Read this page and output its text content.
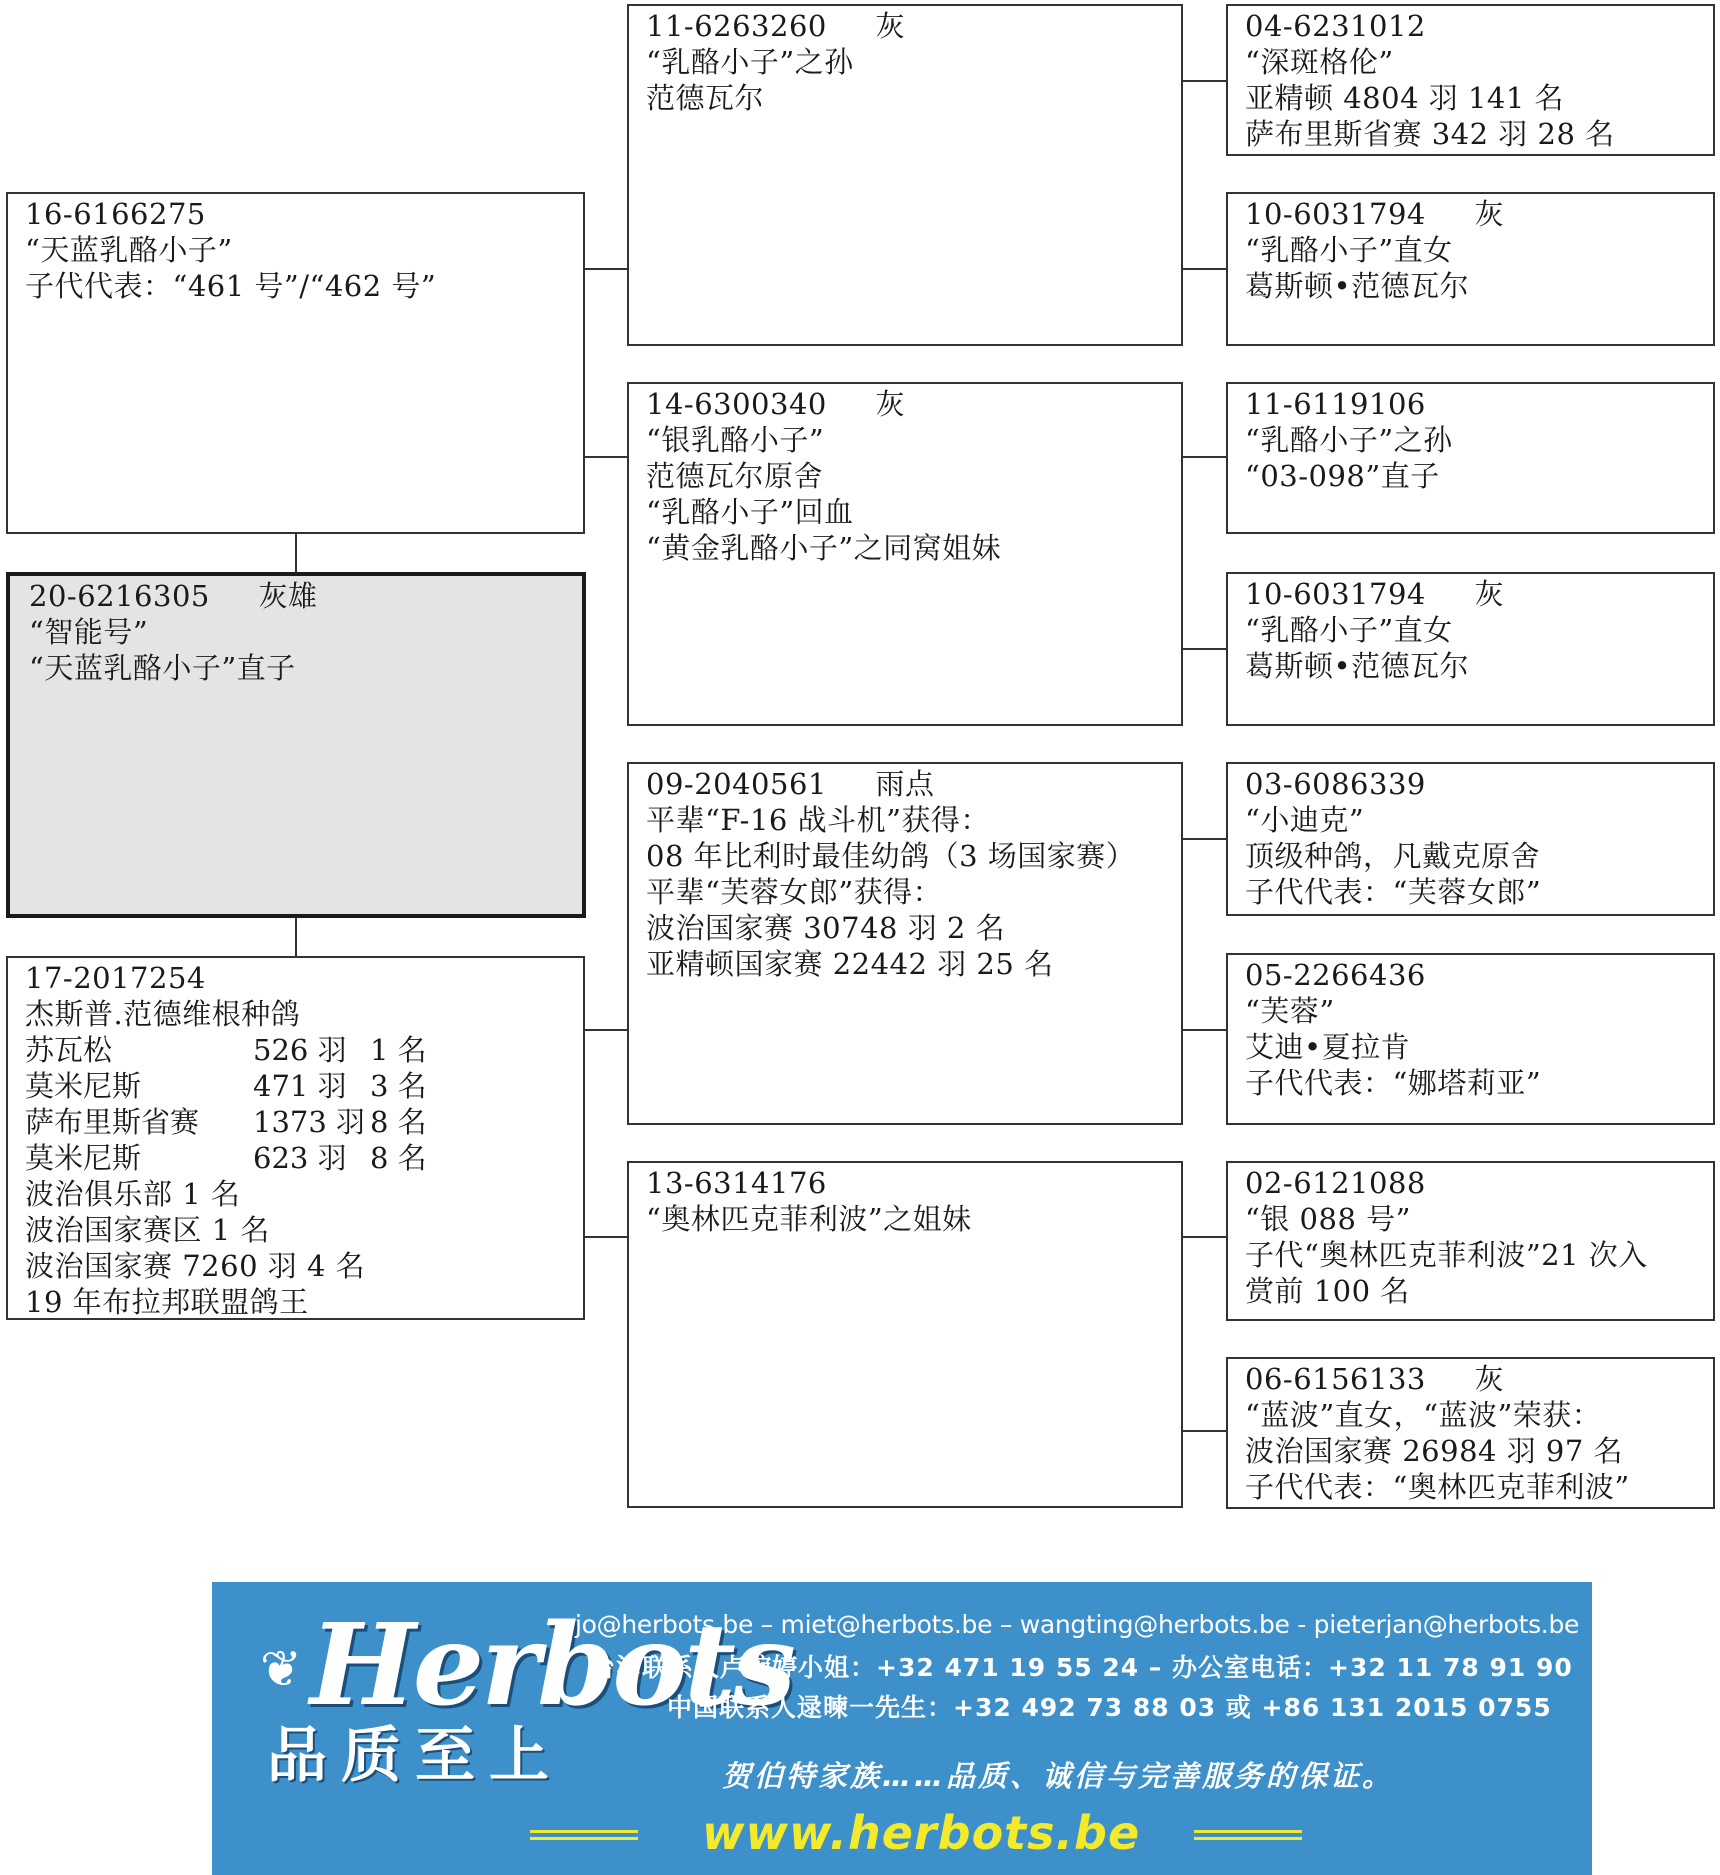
16-6166275
“天蓝乳酪小子”
子代代表：“461 号”/“462 号”
20-6216305     灰雄
“智能号”
“天蓝乳酪小子”直子
17-2017254
杰斯普.范德维根种鸽
苏瓦松	526 羽	1 名
莫米尼斯	471 羽	3 名
萨布里斯省赛	1373 羽	8 名
莫米尼斯	623 羽	8 名
波治俱乐部 1 名
波治国家赛区 1 名
波治国家赛 7260 羽 4 名
19 年布拉邦联盟鸽王
11-6263260     灰
“乳酪小子”之孙
范德瓦尔
14-6300340     灰
“银乳酪小子”
范德瓦尔原舍
“乳酪小子”回血
“黄金乳酪小子”之同窝姐妹
09-2040561     雨点
平辈“F-16 战斗机”获得：
08 年比利时最佳幼鸽（3 场国家赛）
平辈“芙蓉女郎”获得：
波治国家赛 30748 羽 2 名
亚精顿国家赛 22442 羽 25 名
13-6314176
“奥林匹克菲利波”之姐妹
04-6231012
“深斑格伦”
亚精顿 4804 羽 141 名
萨布里斯省赛 342 羽 28 名
10-6031794     灰
“乳酪小子”直女
葛斯顿•范德瓦尔
11-6119106
“乳酪小子”之孙
“03-098”直子
10-6031794     灰
“乳酪小子”直女
葛斯顿•范德瓦尔
03-6086339
“小迪克”
顶级种鸽，凡戴克原舍
子代代表：“芙蓉女郎”
05-2266436
“芙蓉”
艾迪•夏拉肯
子代代表：“娜塔莉亚”
02-6121088
“银 088 号”
子代“奥林匹克菲利波”21 次入
赏前 100 名
06-6156133     灰
“蓝波”直女，“蓝波”荣获：
波治国家赛 26984 羽 97 名
子代代表：“奥林匹克菲利波”
❦ Herbots
品质至上
jo@herbots.be – miet@herbots.be – wangting@herbots.be - pieterjan@herbots.be
台湾联系人卢婉婷小姐：+32 471 19 55 24 – 办公室电话：+32 11 78 91 90
中国联系人逯暕一先生：+32 492 73 88 03 或 +86 131 2015 0755
贺伯特家族……品质、诚信与完善服务的保证。
www.herbots.be
